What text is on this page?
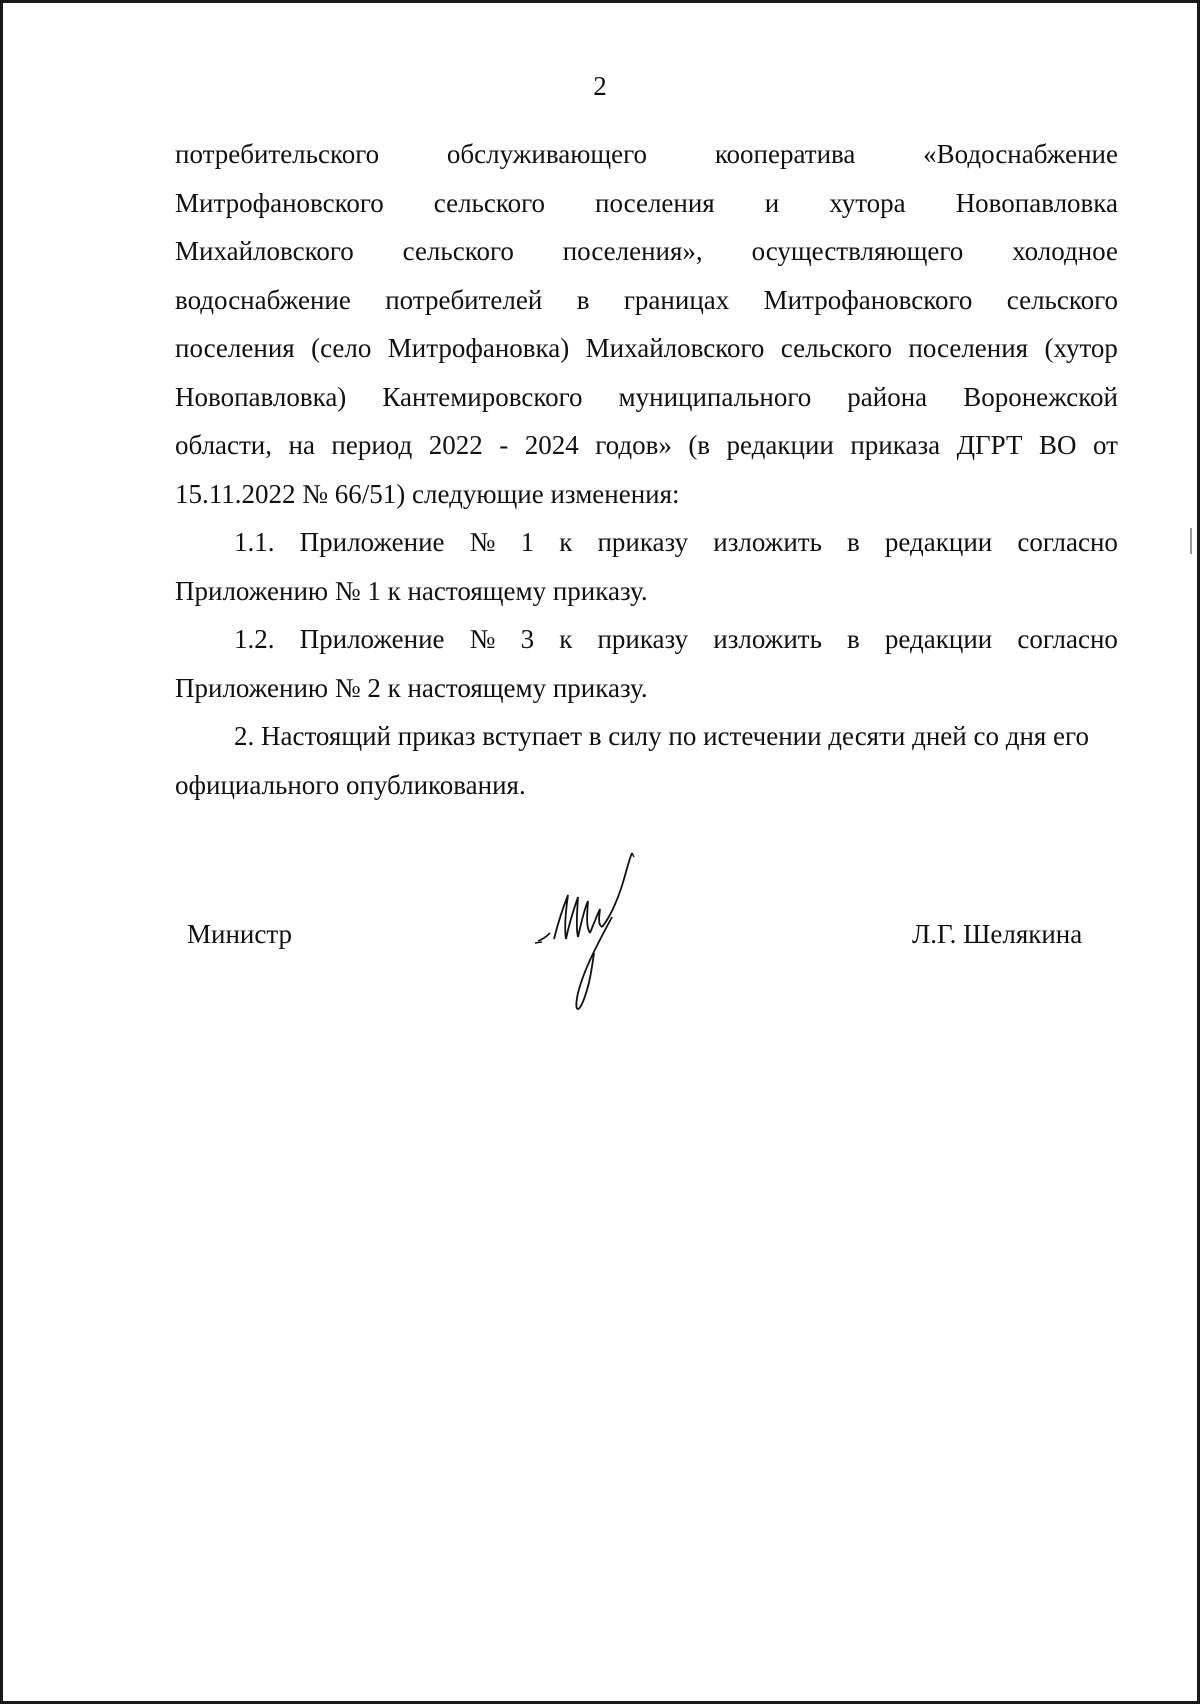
2
потребительского	обслуживающего	кооператива	«Водоснабжение
Митрофановского сельского поселения и хутора Новопавловка
Михайловского сельского поселения», осуществляющего холодное
водоснабжение потребителей в границах Митрофановского сельского
поселения (село Митрофановка) Михайловского сельского поселения (хутор
Новопавловка) Кантемировского муниципального района Воронежской
области, на период 2022 - 2024 годов» (в редакции приказа ДГРТ ВО от
15.11.2022 № 66/51) следующие изменения:
1.1. Приложение № 1 к приказу изложить в редакции согласно
Приложению № 1 к настоящему приказу.
1.2. Приложение № 3 к приказу изложить в редакции согласно
Приложению № 2 к настоящему приказу.
2. Настоящий приказ вступает в силу по истечении десяти дней со дня его
официального опубликования.
Министр	Л.Г. Шелякина
